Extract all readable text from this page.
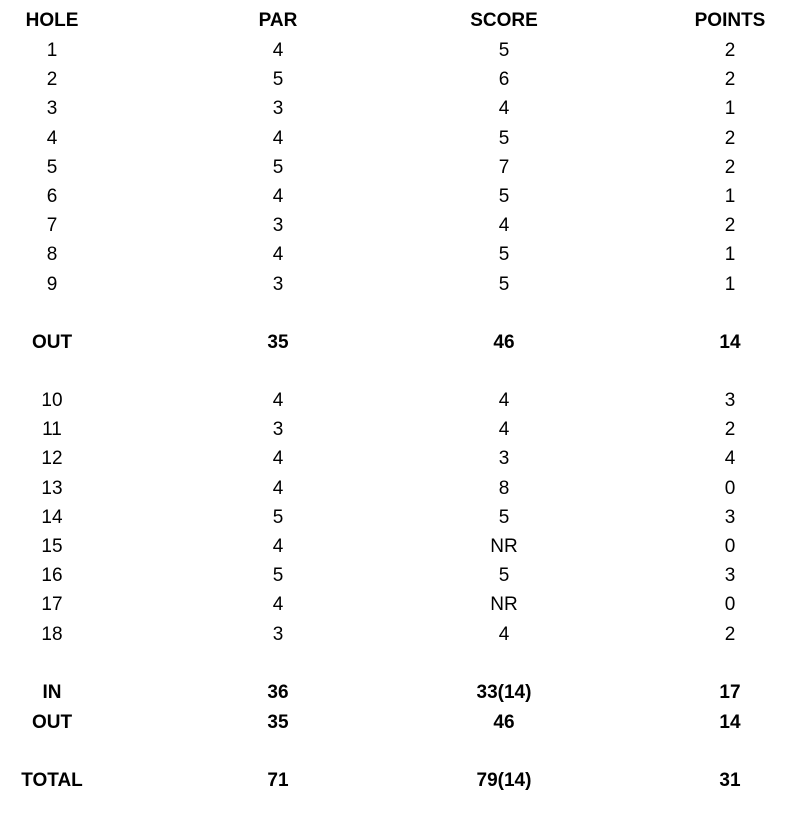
HOLE	PAR	SCORE	POINTS
1	4	5	2
2	5	6	2
3	3	4	1
4	4	5	2
5	5	7	2
6	4	5	1
7	3	4	2
8	4	5	1
9	3	5	1
OUT	35	46	14
10	4	4	3
11	3	4	2
12	4	3	4
13	4	8	0
14	5	5	3
15	4	NR	0
16	5	5	3
17	4	NR	0
18	3	4	2
IN	36	33(14)	17
OUT	35	46	14
TOTAL	71	79(14)	31
